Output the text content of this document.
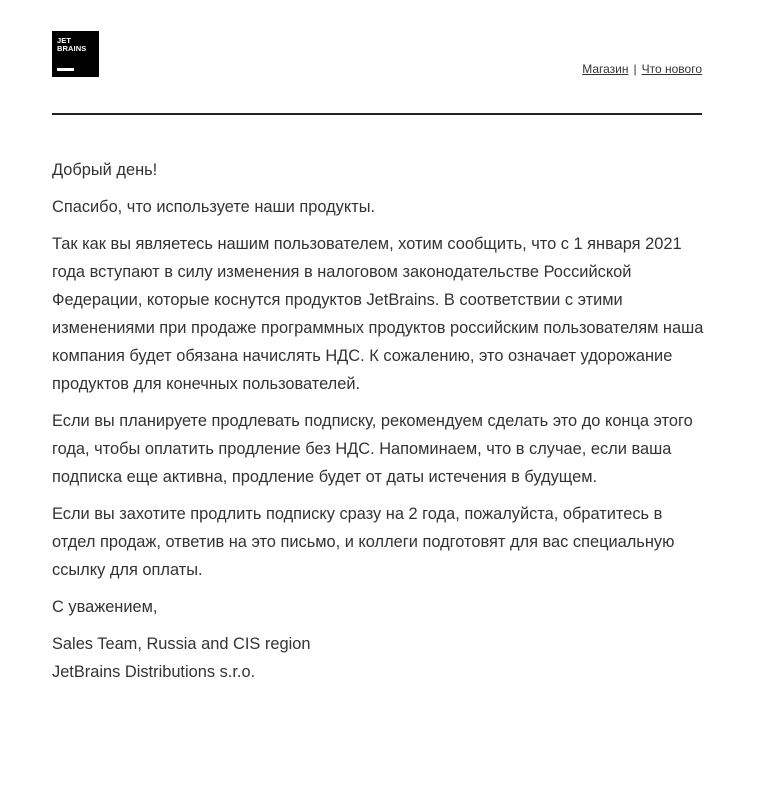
JET
BRAINS
Магазин | Что нового

Добрый день!

Спасибо, что используете наши продукты.

Так как вы являетесь нашим пользователем, хотим сообщить, что с 1 января 2021 года вступают в силу изменения в налоговом законодательстве Российской Федерации, которые коснутся продуктов JetBrains. В соответствии с этими изменениями при продаже программных продуктов российским пользователям наша компания будет обязана начислять НДС. К сожалению, это означает удорожание продуктов для конечных пользователей.

Если вы планируете продлевать подписку, рекомендуем сделать это до конца этого года, чтобы оплатить продление без НДС. Напоминаем, что в случае, если ваша подписка еще активна, продление будет от даты истечения в будущем.

Если вы захотите продлить подписку сразу на 2 года, пожалуйста, обратитесь в отдел продаж, ответив на это письмо, и коллеги подготовят для вас специальную ссылку для оплаты.

С уважением,

Sales Team, Russia and CIS region
JetBrains Distributions s.r.o.
